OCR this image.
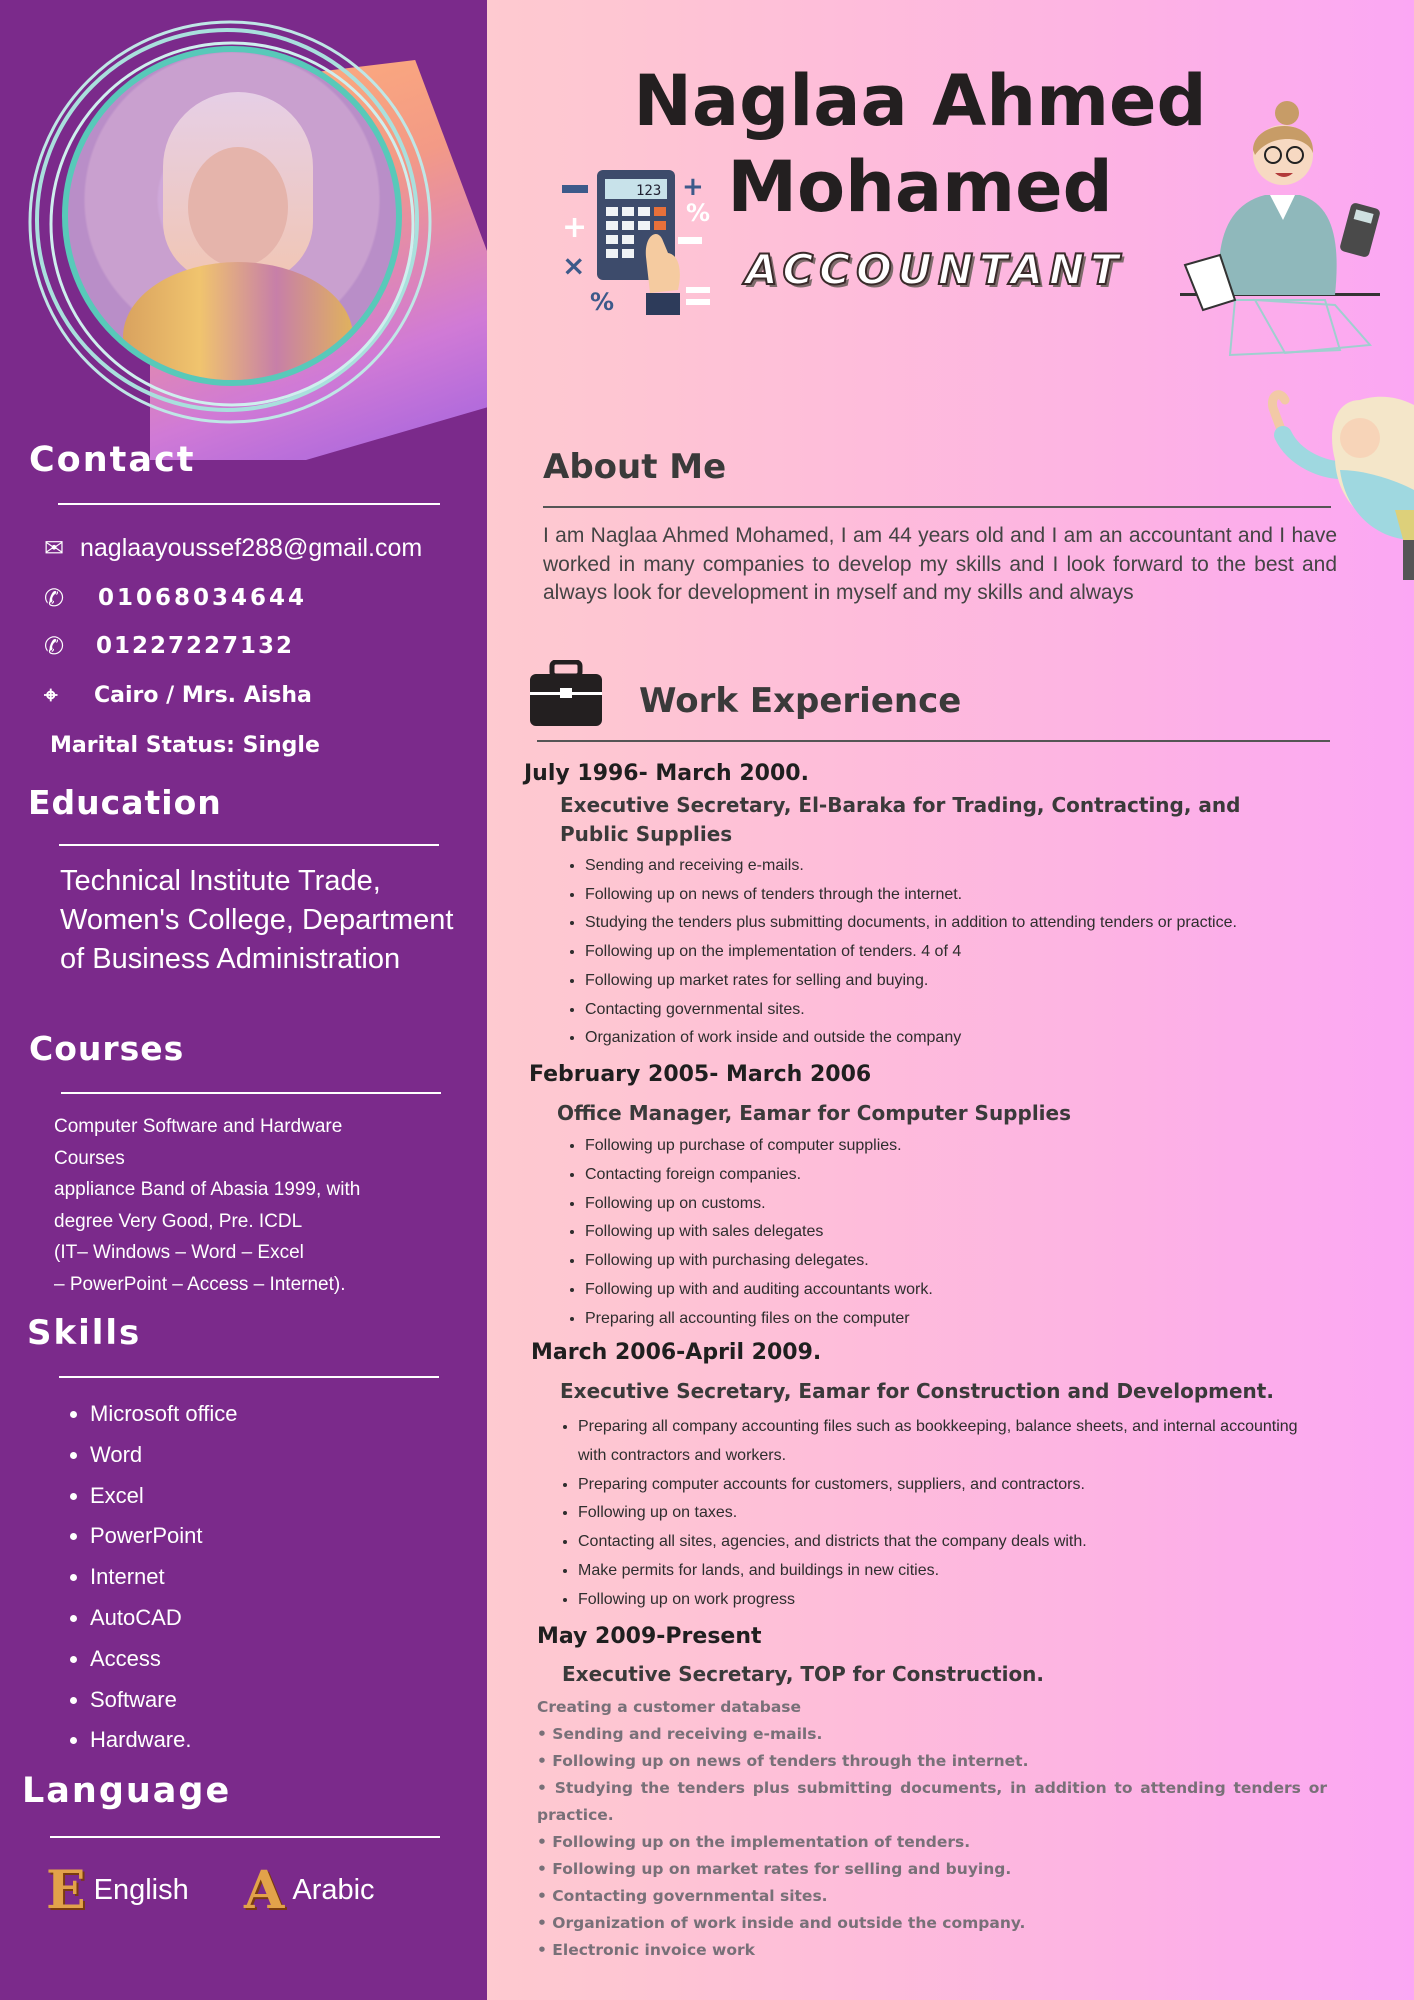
Contact
✉ naglaayoussef288@gmail.com
✆	01068034644
✆	01227227132
⌖	Cairo / Mrs. Aisha
Marital Status: Single
Education
Technical Institute Trade, Women's College, Department of Business Administration
Courses
Computer Software and Hardware
Courses
appliance Band of Abasia 1999, with
degree Very Good, Pre. ICDL
(IT– Windows – Word – Excel
– PowerPoint – Access – Internet).
Skills
• Microsoft office
• Word
• Excel
• PowerPoint
• Internet
• AutoCAD
• Access
• Software
• Hardware.
Language
E English A Arabic
Naglaa Ahmed
Mohamed
ACCOUNTANT
123 +
%
+
×
%
About Me

I am Naglaa Ahmed Mohamed, I am 44 years old and I am an accountant and I have worked in many companies to develop my skills and I look forward to the best and always look for development in myself and my skills and always

Work Experience
July 1996- March 2000.
Executive Secretary, El-Baraka for Trading, Contracting, and
Public Supplies
• Sending and receiving e-mails.
• Following up on news of tenders through the internet.
• Studying the tenders plus submitting documents, in addition to attending tenders or practice.
• Following up on the implementation of tenders. 4 of 4
• Following up market rates for selling and buying.
• Contacting governmental sites.
• Organization of work inside and outside the company
February 2005- March 2006
Office Manager, Eamar for Computer Supplies
• Following up purchase of computer supplies.
• Contacting foreign companies.
• Following up on customs.
• Following up with sales delegates
• Following up with purchasing delegates.
• Following up with and auditing accountants work.
• Preparing all accounting files on the computer
March 2006-April 2009.
Executive Secretary, Eamar for Construction and Development.
• Preparing all company accounting files such as bookkeeping, balance sheets, and internal accounting with contractors and workers.
• Preparing computer accounts for customers, suppliers, and contractors.
• Following up on taxes.
• Contacting all sites, agencies, and districts that the company deals with.
• Make permits for lands, and buildings in new cities.
• Following up on work progress
May 2009-Present
Executive Secretary, TOP for Construction.
Creating a customer database
• Sending and receiving e-mails.
• Following up on news of tenders through the internet.
• Studying the tenders plus submitting documents, in addition to attending tenders or practice.
• Following up on the implementation of tenders.
• Following up on market rates for selling and buying.
• Contacting governmental sites.
• Organization of work inside and outside the company.
• Electronic invoice work
